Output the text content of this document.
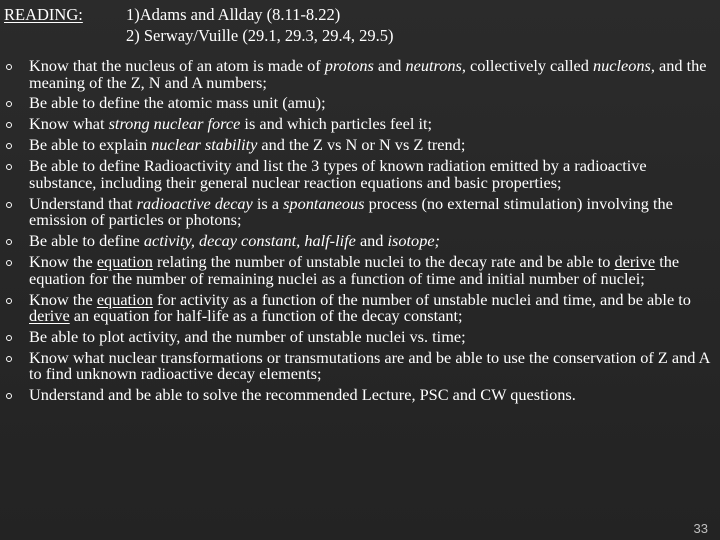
READING:	1)Adams and Allday (8.11-8.22)
2) Serway/Vuille (29.1, 29.3, 29.4, 29.5)
Know that the nucleus of an atom is made of protons and neutrons, collectively called nucleons, and the meaning of the Z, N and A numbers;
Be able to define the atomic mass unit (amu);
Know what strong nuclear force is and which particles feel it;
Be able to explain nuclear stability and the Z vs N or N vs Z trend;
Be able to define Radioactivity and list the 3 types of known radiation emitted by a radioactive substance, including their general nuclear reaction equations and basic properties;
Understand that radioactive decay is a spontaneous process (no external stimulation) involving the emission of particles or photons;
Be able to define activity, decay constant, half-life and isotope;
Know the equation relating the number of unstable nuclei to the decay rate and be able to derive the equation for the number of remaining nuclei as a function of time and initial number of nuclei;
Know the equation for activity as a function of the number of unstable nuclei and time, and be able to derive an equation for half-life as a function of the decay constant;
Be able to plot activity, and the number of unstable nuclei vs. time;
Know what nuclear transformations or transmutations are and be able to use the conservation of Z and A to find unknown radioactive decay elements;
Understand and be able to solve the recommended Lecture, PSC and CW questions.
33
